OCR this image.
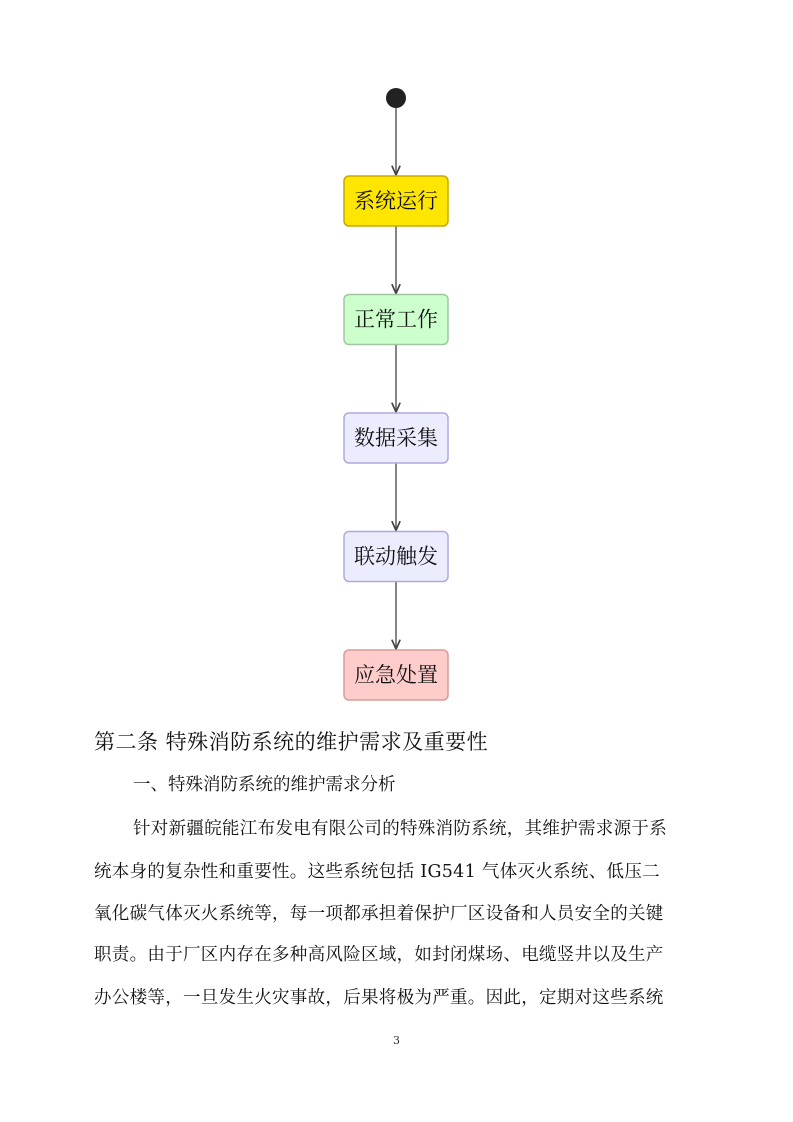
系统运行
正常工作
数据采集
联动触发
应急处置
第二条 特殊消防系统的维护需求及重要性
一、特殊消防系统的维护需求分析
针对新疆皖能江布发电有限公司的特殊消防系统，其维护需求源于系
统本身的复杂性和重要性。这些系统包括 IG541 气体灭火系统、低压二
氧化碳气体灭火系统等，每一项都承担着保护厂区设备和人员安全的关键
职责。由于厂区内存在多种高风险区域，如封闭煤场、电缆竖井以及生产
办公楼等，一旦发生火灾事故，后果将极为严重。因此，定期对这些系统
3
